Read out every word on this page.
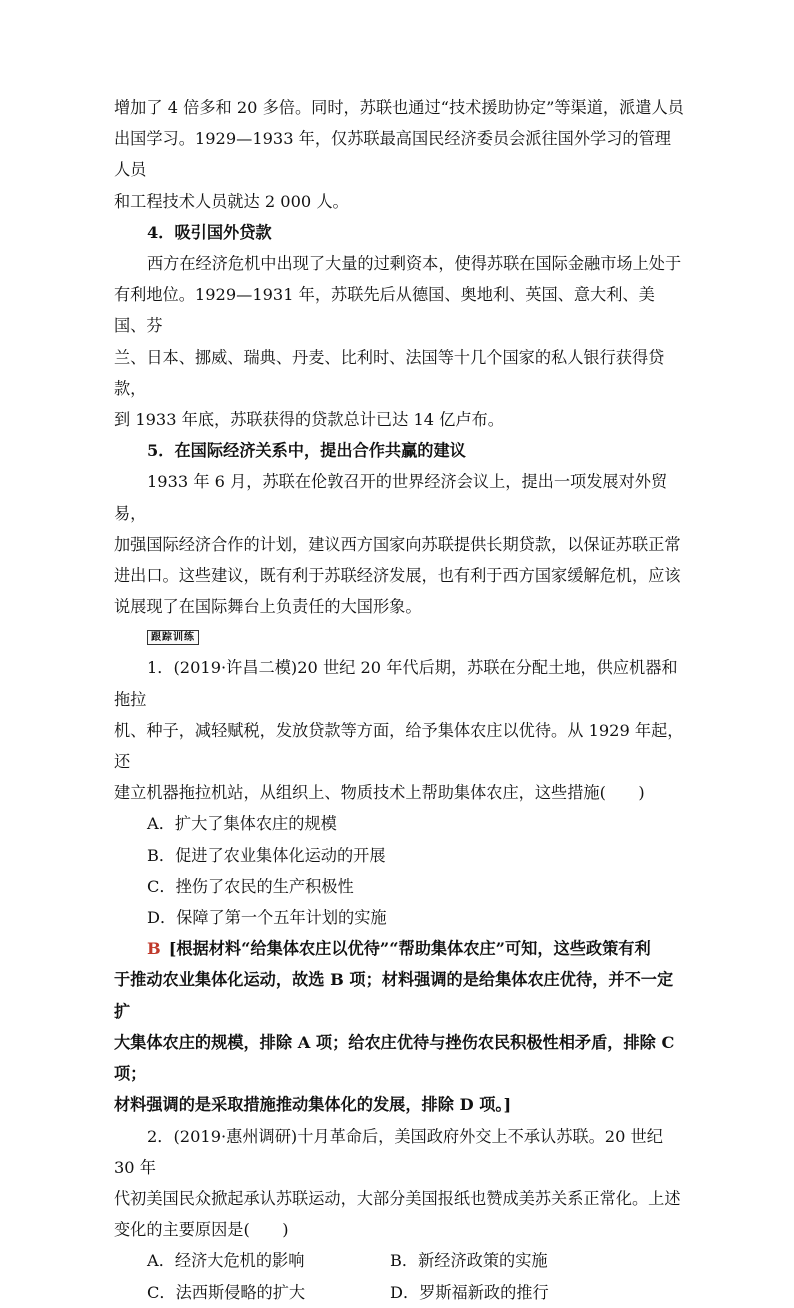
增加了 4 倍多和 20 多倍。同时，苏联也通过“技术援助协定”等渠道，派遣人员

出国学习。1929—1933 年，仅苏联最高国民经济委员会派往国外学习的管理人员

和工程技术人员就达 2 000 人。

4．吸引国外贷款

西方在经济危机中出现了大量的过剩资本，使得苏联在国际金融市场上处于

有利地位。1929—1931 年，苏联先后从德国、奥地利、英国、意大利、美国、芬

兰、日本、挪威、瑞典、丹麦、比利时、法国等十几个国家的私人银行获得贷款，

到 1933 年底，苏联获得的贷款总计已达 14 亿卢布。

5．在国际经济关系中，提出合作共赢的建议

1933 年 6 月，苏联在伦敦召开的世界经济会议上，提出一项发展对外贸易，

加强国际经济合作的计划，建议西方国家向苏联提供长期贷款，以保证苏联正常

进出口。这些建议，既有利于苏联经济发展，也有利于西方国家缓解危机，应该

说展现了在国际舞台上负责任的大国形象。

跟踪训练

1．(2019·许昌二模)20 世纪 20 年代后期，苏联在分配土地，供应机器和拖拉

机、种子，减轻赋税，发放贷款等方面，给予集体农庄以优待。从 1929 年起，还

建立机器拖拉机站，从组织上、物质技术上帮助集体农庄，这些措施(　　)

A．扩大了集体农庄的规模

B．促进了农业集体化运动的开展

C．挫伤了农民的生产积极性

D．保障了第一个五年计划的实施

B [根据材料“给集体农庄以优待”“帮助集体农庄”可知，这些政策有利

于推动农业集体化运动，故选 B 项；材料强调的是给集体农庄优待，并不一定扩

大集体农庄的规模，排除 A 项；给农庄优待与挫伤农民积极性相矛盾，排除 C 项；

材料强调的是采取措施推动集体化的发展，排除 D 项。]

2．(2019·惠州调研)十月革命后，美国政府外交上不承认苏联。20 世纪 30 年

代初美国民众掀起承认苏联运动，大部分美国报纸也赞成美苏关系正常化。上述

变化的主要原因是(　　)

A．经济大危机的影响	B．新经济政策的实施
C．法西斯侵略的扩大	D．罗斯福新政的推行
